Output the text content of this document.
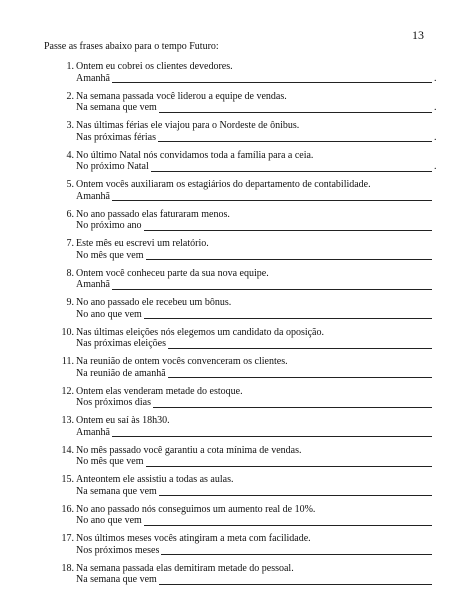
13
Passe as frases abaixo para o tempo Futuro:
1. Ontem eu cobrei os clientes devedores.
Amanhã	.
2. Na semana passada você liderou a equipe de vendas.
Na semana que vem	.
3. Nas últimas férias ele viajou para o Nordeste de ônibus.
Nas próximas férias	.
4. No último Natal nós convidamos toda a família para a ceia.
No próximo Natal	.
5. Ontem vocês auxiliaram os estagiários do departamento de contabilidade.
Amanhã
6. No ano passado elas faturaram menos.
No próximo ano
7. Este mês eu escrevi um relatório.
No mês que vem
8. Ontem você conheceu parte da sua nova equipe.
Amanhã
9. No ano passado ele recebeu um bônus.
No ano que vem
10. Nas últimas eleições nós elegemos um candidato da oposição.
Nas próximas eleições
11. Na reunião de ontem vocês convenceram os clientes.
Na reunião de amanhã
12. Ontem elas venderam metade do estoque.
Nos próximos dias
13. Ontem eu saí às 18h30.
Amanhã
14. No mês passado você garantiu a cota mínima de vendas.
No mês que vem
15. Anteontem ele assistiu a todas as aulas.
Na semana que vem
16. No ano passado nós conseguimos um aumento real de 10%.
No ano que vem
17. Nos últimos meses vocês atingiram a meta com facilidade.
Nos próximos meses
18. Na semana passada elas demitiram metade do pessoal.
Na semana que vem
